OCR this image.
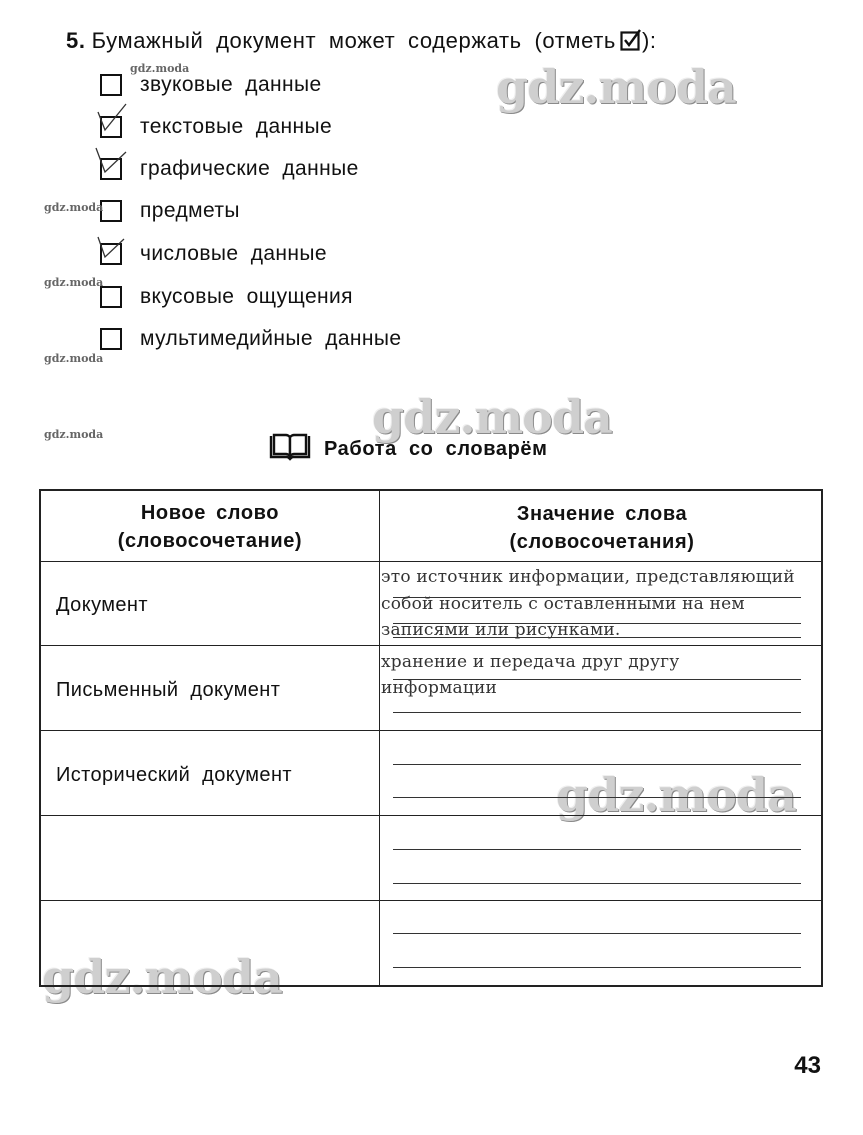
5. Бумажный документ может содержать (отметь ):
звуковые данные
текстовые данные
графические данные
предметы
числовые данные
вкусовые ощущения
мультимедийные данные
gdz.moda
gdz.moda
gdz.moda
gdz.moda
gdz.moda
gdz.moda
gdz.moda
gdz.moda
gdz.moda
Работа со словарём
Новое слово
(словосочетание)
Значение слова
(словосочетания)
Документ
это источник информации, представляющий
собой носитель с оставленными на нем
записями или рисунками.
Письменный документ
хранение и передача друг другу
информации
Исторический документ
43
